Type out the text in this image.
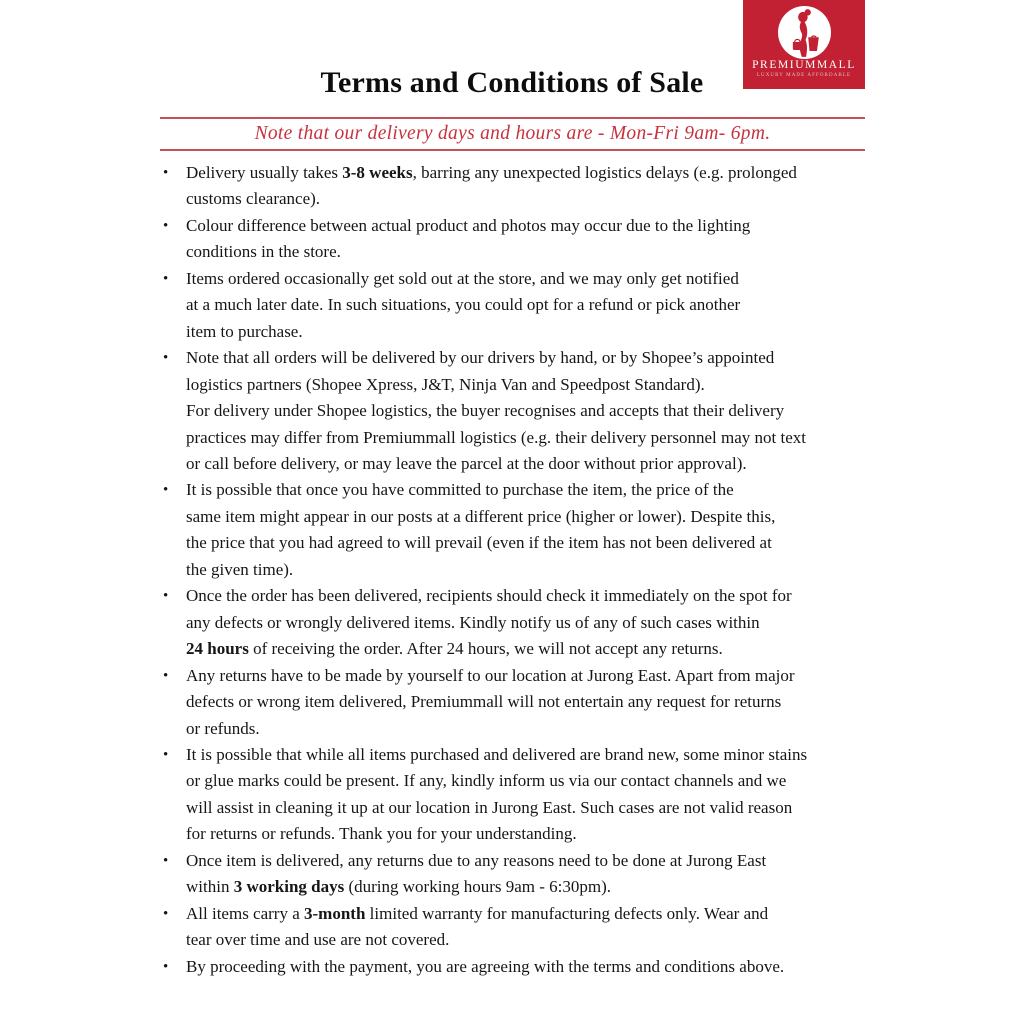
PREMIUMMALL
LUXURY MADE AFFORDABLE
Terms and Conditions of Sale
Note that our delivery days and hours are - Mon-Fri 9am- 6pm.
•	Delivery usually takes 3-8 weeks, barring any unexpected logistics delays (e.g. prolonged
customs clearance).
•	Colour difference between actual product and photos may occur due to the lighting
conditions in the store.
•	Items ordered occasionally get sold out at the store, and we may only get notified
at a much later date. In such situations, you could opt for a refund or pick another
item to purchase.
•	Note that all orders will be delivered by our drivers by hand, or by Shopee’s appointed
logistics partners (Shopee Xpress, J&T, Ninja Van and Speedpost Standard).
For delivery under Shopee logistics, the buyer recognises and accepts that their delivery
practices may differ from Premiummall logistics (e.g. their delivery personnel may not text
or call before delivery, or may leave the parcel at the door without prior approval).
•	It is possible that once you have committed to purchase the item, the price of the
same item might appear in our posts at a different price (higher or lower). Despite this,
the price that you had agreed to will prevail (even if the item has not been delivered at
the given time).
•	Once the order has been delivered, recipients should check it immediately on the spot for
any defects or wrongly delivered items. Kindly notify us of any of such cases within
24 hours of receiving the order. After 24 hours, we will not accept any returns.
•	Any returns have to be made by yourself to our location at Jurong East. Apart from major
defects or wrong item delivered, Premiummall will not entertain any request for returns
or refunds.
•	It is possible that while all items purchased and delivered are brand new, some minor stains
or glue marks could be present. If any, kindly inform us via our contact channels and we
will assist in cleaning it up at our location in Jurong East. Such cases are not valid reason
for returns or refunds. Thank you for your understanding.
•	Once item is delivered, any returns due to any reasons need to be done at Jurong East
within 3 working days (during working hours 9am - 6:30pm).
•	All items carry a 3-month limited warranty for manufacturing defects only. Wear and
tear over time and use are not covered.
•	By proceeding with the payment, you are agreeing with the terms and conditions above.
